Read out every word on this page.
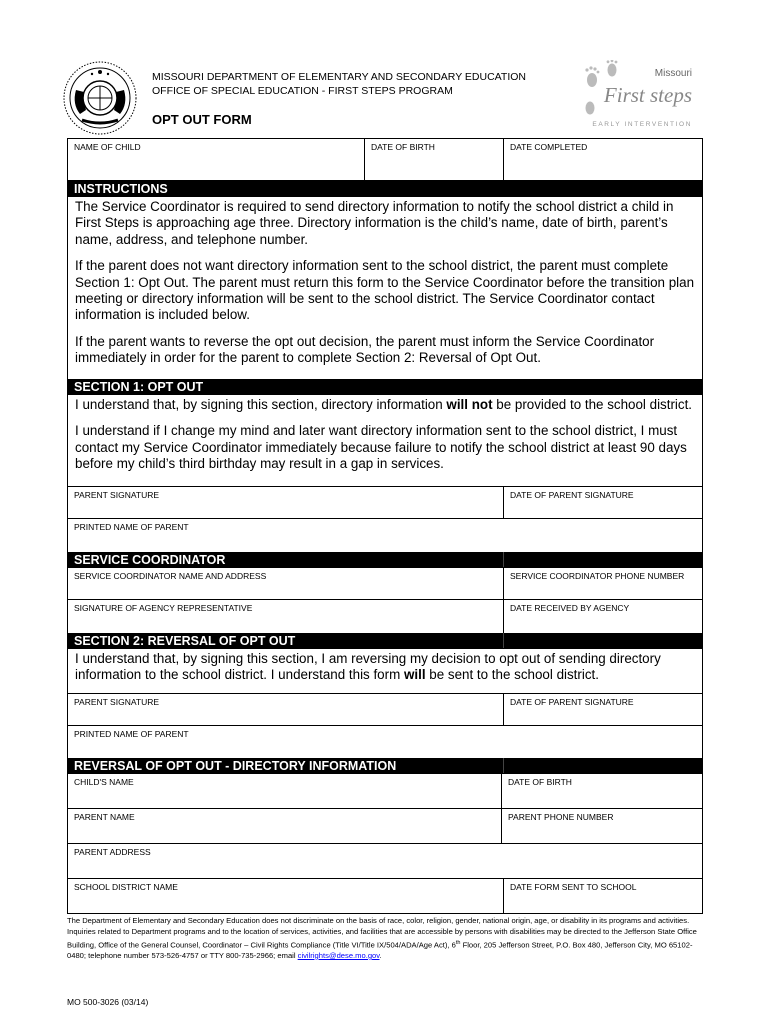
MISSOURI DEPARTMENT OF ELEMENTARY AND SECONDARY EDUCATION
OFFICE OF SPECIAL EDUCATION - FIRST STEPS PROGRAM
OPT OUT FORM
Missouri
First steps
EARLY INTERVENTION
NAME OF CHILD	DATE OF BIRTH	DATE COMPLETED
INSTRUCTIONS

The Service Coordinator is required to send directory information to notify the school district a child in First Steps is approaching age three. Directory information is the child’s name, date of birth, parent’s name, address, and telephone number.

If the parent does not want directory information sent to the school district, the parent must complete Section 1: Opt Out. The parent must return this form to the Service Coordinator before the transition plan meeting or directory information will be sent to the school district. The Service Coordinator contact information is included below.

If the parent wants to reverse the opt out decision, the parent must inform the Service Coordinator immediately in order for the parent to complete Section 2: Reversal of Opt Out.

SECTION 1: OPT OUT

I understand that, by signing this section, directory information will not be provided to the school district.

I understand if I change my mind and later want directory information sent to the school district, I must contact my Service Coordinator immediately because failure to notify the school district at least 90 days before my child’s third birthday may result in a gap in services.

PARENT SIGNATURE	DATE OF PARENT SIGNATURE
PRINTED NAME OF PARENT
SERVICE COORDINATOR
SERVICE COORDINATOR NAME AND ADDRESS	SERVICE COORDINATOR PHONE NUMBER
SIGNATURE OF AGENCY REPRESENTATIVE	DATE RECEIVED BY AGENCY
SECTION 2: REVERSAL OF OPT OUT

I understand that, by signing this section, I am reversing my decision to opt out of sending directory information to the school district. I understand this form will be sent to the school district.

PARENT SIGNATURE	DATE OF PARENT SIGNATURE
PRINTED NAME OF PARENT
REVERSAL OF OPT OUT - DIRECTORY INFORMATION
CHILD'S NAME	DATE OF BIRTH
PARENT NAME	PARENT PHONE NUMBER
PARENT ADDRESS
SCHOOL DISTRICT NAME	DATE FORM SENT TO SCHOOL
The Department of Elementary and Secondary Education does not discriminate on the basis of race, color, religion, gender, national origin, age, or disability in its programs and activities. Inquiries related to Department programs and to the location of services, activities, and facilities that are accessible by persons with disabilities may be directed to the Jefferson State Office Building, Office of the General Counsel, Coordinator – Civil Rights Compliance (Title VI/Title IX/504/ADA/Age Act), 6th Floor, 205 Jefferson Street, P.O. Box 480, Jefferson City, MO 65102-0480; telephone number 573-526-4757 or TTY 800-735-2966; email civilrights@dese.mo.gov.
MO 500-3026 (03/14)
